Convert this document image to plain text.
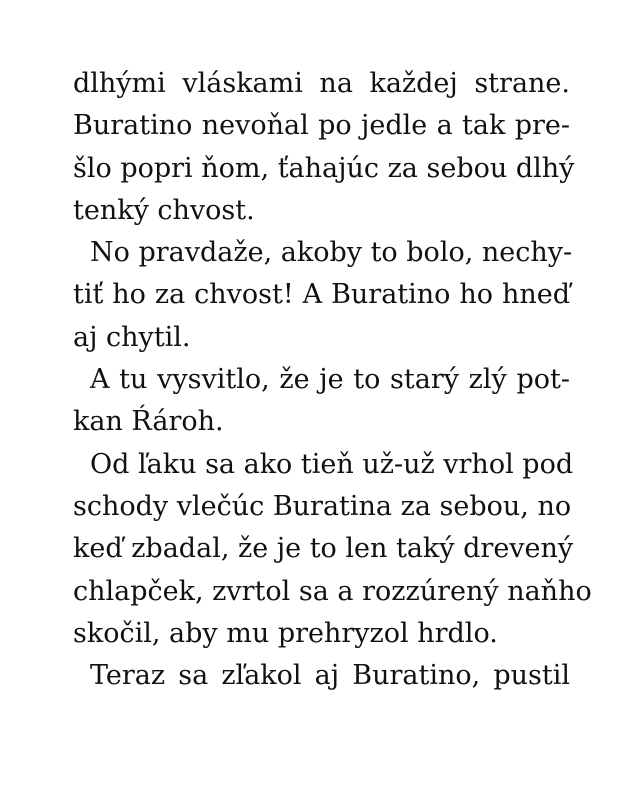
dlhými vláskami na každej strane.
Buratino nevoňal po jedle a tak pre-
šlo popri ňom, ťahajúc za sebou dlhý
tenký chvost.
No pravdaže, akoby to bolo, nechy-
tiť ho za chvost! A Buratino ho hneď
aj chytil.
A tu vysvitlo, že je to starý zlý pot-
kan Ŕároh.
Od ľaku sa ako tieň už-už vrhol pod
schody vlečúc Buratina za sebou, no
keď zbadal, že je to len taký drevený
chlapček, zvrtol sa a rozzúrený naňho
skočil, aby mu prehryzol hrdlo.
Teraz sa zľakol aj Buratino, pustil
